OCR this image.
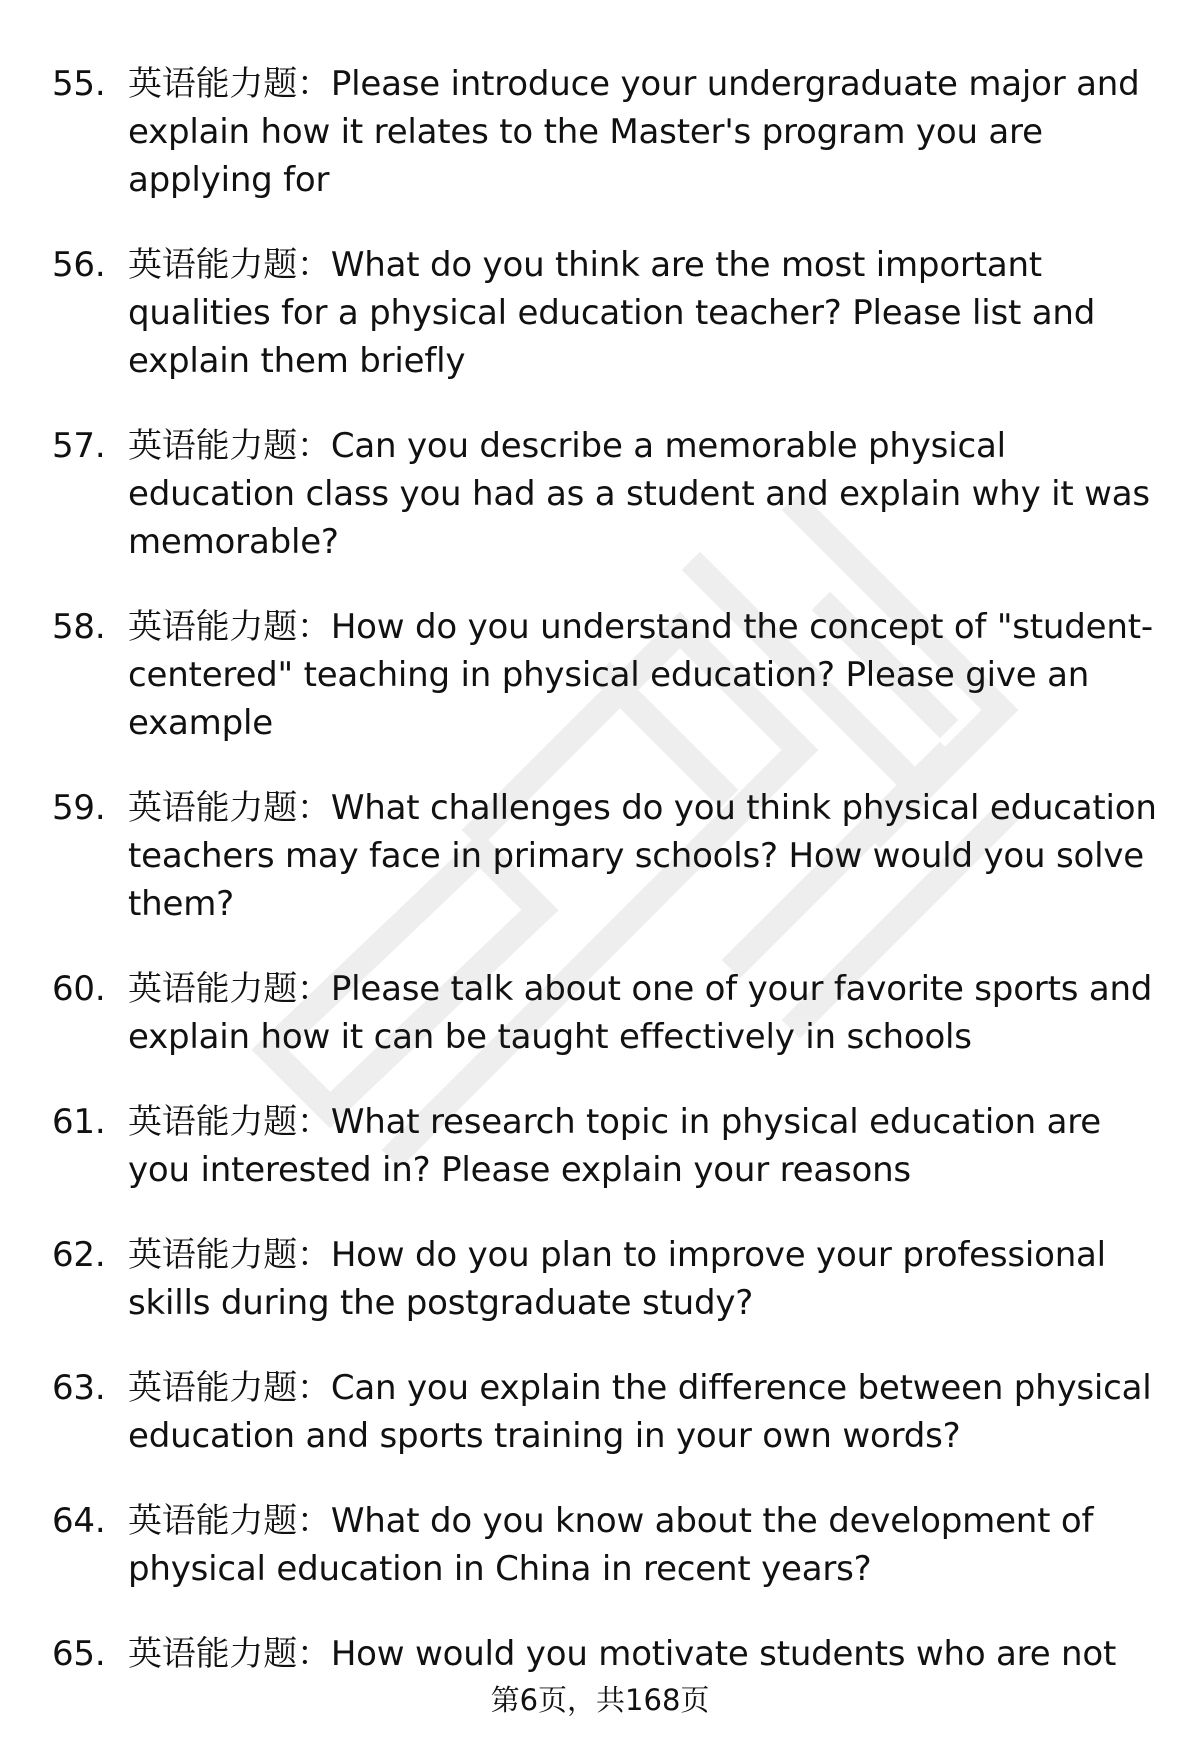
55. 英语能力题：Please introduce your undergraduate major and explain how it relates to the Master's program you are applying for
56. 英语能力题：What do you think are the most important qualities for a physical education teacher? Please list and explain them briefly
57. 英语能力题：Can you describe a memorable physical education class you had as a student and explain why it was memorable?
58. 英语能力题：How do you understand the concept of "student-centered" teaching in physical education? Please give an example
59. 英语能力题：What challenges do you think physical education teachers may face in primary schools? How would you solve them?
60. 英语能力题：Please talk about one of your favorite sports and explain how it can be taught effectively in schools
61. 英语能力题：What research topic in physical education are you interested in? Please explain your reasons
62. 英语能力题：How do you plan to improve your professional skills during the postgraduate study?
63. 英语能力题：Can you explain the difference between physical education and sports training in your own words?
64. 英语能力题：What do you know about the development of physical education in China in recent years?
65. 英语能力题：How would you motivate students who are not
第6页，共168页
